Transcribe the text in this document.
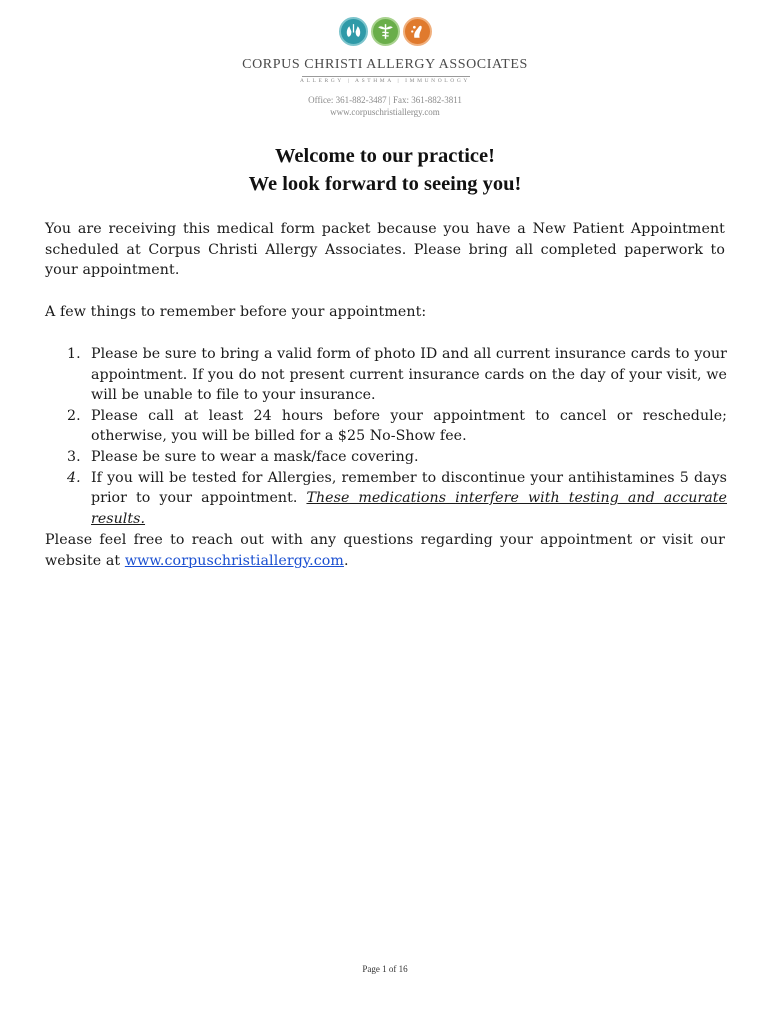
CORPUS CHRISTI ALLERGY ASSOCIATES
ALLERGY | ASTHMA | IMMUNOLOGY
Office: 361-882-3487 | Fax: 361-882-3811
www.corpuschristiallergy.com
Welcome to our practice!
We look forward to seeing you!
You are receiving this medical form packet because you have a New Patient Appointment scheduled at Corpus Christi Allergy Associates. Please bring all completed paperwork to your appointment.
A few things to remember before your appointment:
1. Please be sure to bring a valid form of photo ID and all current insurance cards to your appointment. If you do not present current insurance cards on the day of your visit, we will be unable to file to your insurance.
2. Please call at least 24 hours before your appointment to cancel or reschedule; otherwise, you will be billed for a $25 No-Show fee.
3. Please be sure to wear a mask/face covering.
4. If you will be tested for Allergies, remember to discontinue your antihistamines 5 days prior to your appointment. These medications interfere with testing and accurate results.
Please feel free to reach out with any questions regarding your appointment or visit our website at www.corpuschristiallergy.com.
Page 1 of 16
